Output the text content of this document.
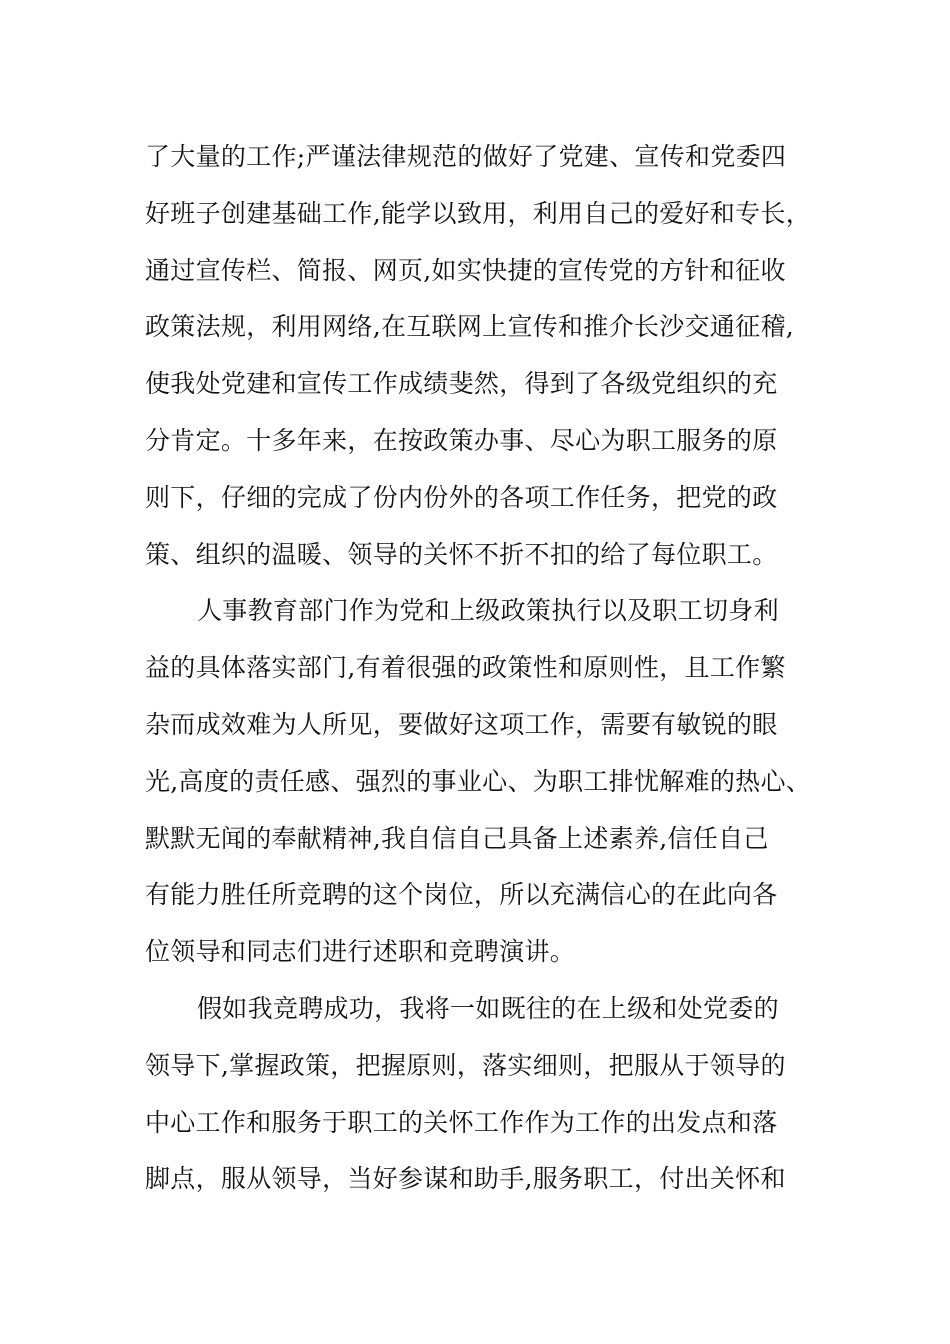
了大量的工作;严谨法律规范的做好了党建、宣传和党委四
好班子创建基础工作,能学以致用，利用自己的爱好和专长，
通过宣传栏、简报、网页,如实快捷的宣传党的方针和征收
政策法规，利用网络,在互联网上宣传和推介长沙交通征稽,
使我处党建和宣传工作成绩斐然，得到了各级党组织的充
分肯定。十多年来，在按政策办事、尽心为职工服务的原
则下，仔细的完成了份内份外的各项工作任务，把党的政
策、组织的温暖、领导的关怀不折不扣的给了每位职工。
人事教育部门作为党和上级政策执行以及职工切身利
益的具体落实部门,有着很强的政策性和原则性，且工作繁
杂而成效难为人所见，要做好这项工作，需要有敏锐的眼
光,高度的责任感、强烈的事业心、为职工排忧解难的热心、
默默无闻的奉献精神,我自信自己具备上述素养,信任自己
有能力胜任所竞聘的这个岗位，所以充满信心的在此向各
位领导和同志们进行述职和竞聘演讲。
假如我竞聘成功，我将一如既往的在上级和处党委的
领导下,掌握政策，把握原则，落实细则，把服从于领导的
中心工作和服务于职工的关怀工作作为工作的出发点和落
脚点，服从领导，当好参谋和助手,服务职工，付出关怀和
